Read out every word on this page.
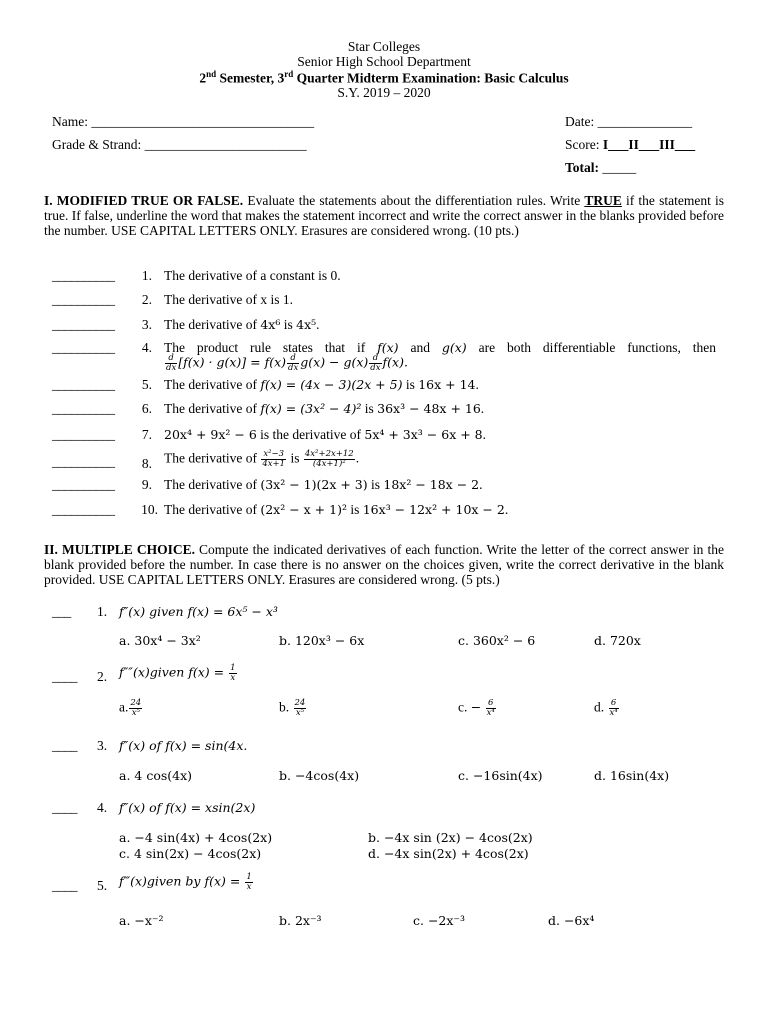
Star Colleges
Senior High School Department
2nd Semester, 3rd Quarter Midterm Examination: Basic Calculus
S.Y. 2019 – 2020
Name: _________________________________	Date: ______________
Grade & Strand: ________________________	Score: I___II___III___
Total: _____
I. MODIFIED TRUE OR FALSE. Evaluate the statements about the differentiation rules. Write TRUE if the statement is true. If false, underline the word that makes the statement incorrect and write the correct answer in the blanks provided before the number. USE CAPITAL LETTERS ONLY. Erasures are considered wrong. (10 pts.)
__________	1. The derivative of a constant is 0.
__________	2. The derivative of x is 1.
__________	3. The derivative of 4x⁶ is 4x⁵.
__________	4. The product rule states that if f(x) and g(x) are both differentiable functions, then
$\frac{d}{dx} [f(x) \cdot g(x)] = f(x) \frac{d}{dx} g(x) - g(x) \frac{d}{dx} f(x)$.
__________	5. The derivative of f(x) = (4x − 3)(2x + 5) is 16x + 14.
__________	6. The derivative of f(x) = (3x² − 4)² is 36x³ − 48x + 16.
__________	7. 20x⁴ + 9x² − 6 is the derivative of 5x⁴ + 3x³ − 6x + 8.
__________	8. The derivative of $\frac{\text{x²−3}}{4x+1}$ is $\frac{\text{4x²+2x+12}}{\text{(4x+1)²}}$ .
__________	9. The derivative of (3x² − 1)(2x + 3) is 18x² − 18x − 2.
__________ 10. The derivative of (2x² − x + 1)² is 16x³ − 12x² + 10x − 2.
II. MULTIPLE CHOICE. Compute the indicated derivatives of each function. Write the letter of the correct answer in the blank provided before the number. In case there is no answer on the choices given, write the correct derivative in the blank provided. USE CAPITAL LETTERS ONLY. Erasures are considered wrong. (5 pts.)
___ 1. f″(x) given f(x) = 6x⁵ − x³
a. 30x⁴ − 3x²	b. 120x³ − 6x	c. 360x² − 6	d. 720x
____ 2. f″″(x)given $f(x) = \frac{1}{x}$
a. $\frac{24}{\text{x⁵}}$	b. $\frac{24}{\text{x⁵}}$	c. − $\frac{6}{\text{x⁴}}$	d. $\frac{6}{\text{x⁴}}$
____ 3. f″(x) of f(x) = sin(4x.
a. 4 cos(4x)	b. −4cos(4x)	c. −16sin(4x)	d. 16sin(4x)
____ 4. f″(x) of f(x) = xsin(2x)
a. −4 sin(4x) + 4cos(2x)	b. −4x sin (2x) − 4cos(2x)
c. 4 sin(2x) − 4cos(2x)	d. −4x sin(2x) + 4cos(2x)
____ 5. f‴(x)given by $f(x) = \frac{1}{x}$
a. −x⁻²	b. 2x⁻³	c. −2x⁻³	d. −6x⁴
